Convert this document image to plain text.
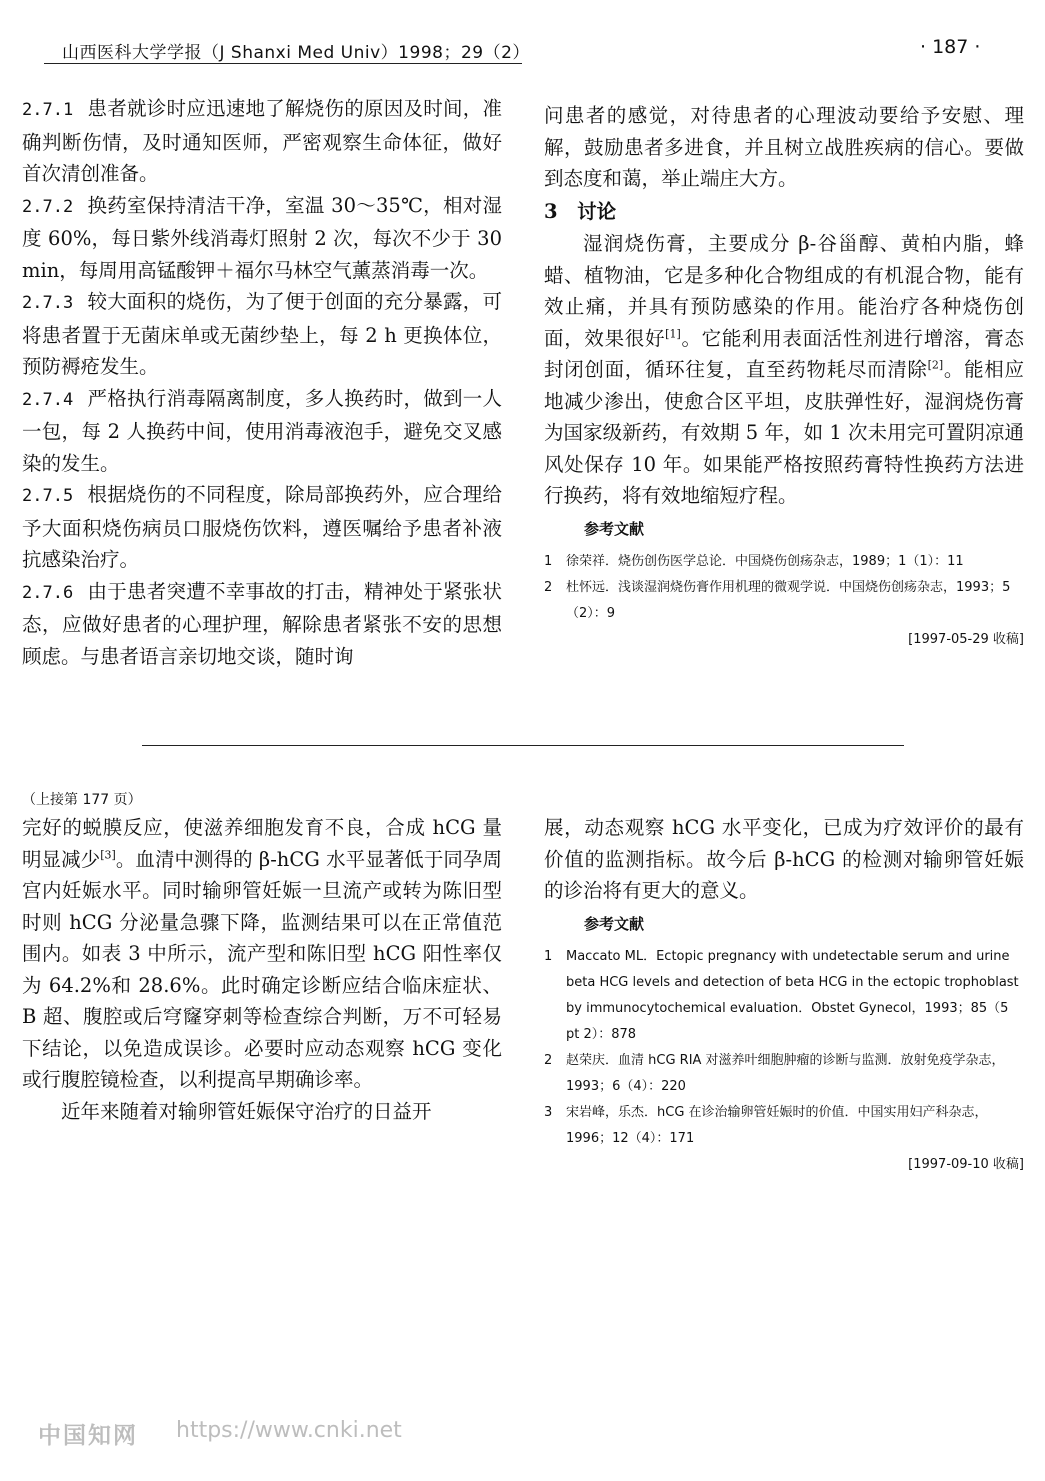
山西医科大学学报（J Shanxi Med Univ）1998；29（2）	· 187 ·

2.7.1 患者就诊时应迅速地了解烧伤的原因及时间，准确判断伤情，及时通知医师，严密观察生命体征，做好首次清创准备。

2.7.2 换药室保持清洁干净，室温 30～35℃，相对湿度 60%，每日紫外线消毒灯照射 2 次，每次不少于 30 min，每周用高锰酸钾＋福尔马林空气薰蒸消毒一次。

2.7.3 较大面积的烧伤，为了便于创面的充分暴露，可将患者置于无菌床单或无菌纱垫上，每 2 h 更换体位，预防褥疮发生。

2.7.4 严格执行消毒隔离制度，多人换药时，做到一人一包，每 2 人换药中间，使用消毒液泡手，避免交叉感染的发生。

2.7.5 根据烧伤的不同程度，除局部换药外，应合理给予大面积烧伤病员口服烧伤饮料，遵医嘱给予患者补液抗感染治疗。

2.7.6 由于患者突遭不幸事故的打击，精神处于紧张状态，应做好患者的心理护理，解除患者紧张不安的思想顾虑。与患者语言亲切地交谈，随时询

问患者的感觉，对待患者的心理波动要给予安慰、理解，鼓励患者多进食，并且树立战胜疾病的信心。要做到态度和蔼，举止端庄大方。

3　讨论

湿润烧伤膏，主要成分 β-谷甾醇、黄柏内脂，蜂蜡、植物油，它是多种化合物组成的有机混合物，能有效止痛，并具有预防感染的作用。能治疗各种烧伤创面，效果很好[1]。它能利用表面活性剂进行增溶，膏态封闭创面，循环往复，直至药物耗尽而清除[2]。能相应地减少渗出，使愈合区平坦，皮肤弹性好，湿润烧伤膏为国家级新药，有效期 5 年，如 1 次未用完可置阴凉通风处保存 10 年。如果能严格按照药膏特性换药方法进行换药，将有效地缩短疗程。

参考文献
1 徐荣祥．烧伤创伤医学总论．中国烧伤创疡杂志，1989；1（1）：11
2 杜怀远．浅谈湿润烧伤膏作用机理的微观学说．中国烧伤创疡杂志，1993；5（2）：9
[1997-05-29 收稿]
（上接第 177 页）

完好的蜕膜反应，使滋养细胞发育不良，合成 hCG 量明显减少[3]。血清中测得的 β-hCG 水平显著低于同孕周宫内妊娠水平。同时输卵管妊娠一旦流产或转为陈旧型时则 hCG 分泌量急骤下降，监测结果可以在正常值范围内。如表 3 中所示，流产型和陈旧型 hCG 阳性率仅为 64.2%和 28.6%。此时确定诊断应结合临床症状、B 超、腹腔或后穹窿穿刺等检查综合判断，万不可轻易下结论，以免造成误诊。必要时应动态观察 hCG 变化或行腹腔镜检查，以利提高早期确诊率。

近年来随着对输卵管妊娠保守治疗的日益开

展，动态观察 hCG 水平变化，已成为疗效评价的最有价值的监测指标。故今后 β-hCG 的检测对输卵管妊娠的诊治将有更大的意义。

参考文献
1 Maccato ML．Ectopic pregnancy with undetectable serum and urine beta HCG levels and detection of beta HCG in the ectopic trophoblast by immunocytochemical evaluation．Obstet Gynecol，1993；85（5 pt 2）：878
2 赵荣庆．血清 hCG RIA 对滋养叶细胞肿瘤的诊断与监测．放射免疫学杂志，1993；6（4）：220
3 宋岩峰，乐杰．hCG 在诊治输卵管妊娠时的价值．中国实用妇产科杂志，1996；12（4）：171
[1997-09-10 收稿]
中国知网 https://www.cnki.net
